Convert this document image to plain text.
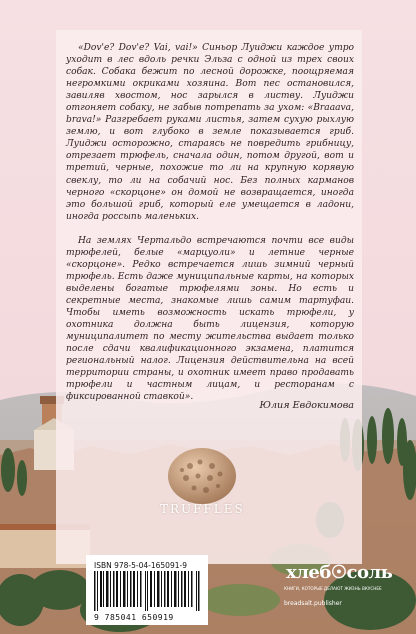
«Dov'e? Dov'e? Vai, vai!» Синьор Луиджи каждое утро уходит в лес вдоль речки Эльза с одной из трех своих собак. Собака бежит по лесной дорожке, поощряемая негромкими окриками хозяина. Вот пес остановился, завиляв хвостом, нос зарылся в листву. Луиджи отгоняет собаку, не забыв потрепать за ухом: «Braaava, brava!» Разгребает руками листья, затем сухую рыхлую землю, и вот глубоко в земле показывается гриб. Луиджи осторожно, стараясь не повредить грибницу, отрезает трюфель, сначала один, потом другой, вот и третий, черные, похожие то ли на крупную корявую свеклу, то ли на собачий нос. Без полных карманов черного «скорцоне» он домой не возвращается, иногда это большой гриб, который еле умещается в ладони, иногда россыпь маленьких.

На землях Чертальдо встречаются почти все виды трюфелей, белые «марцуоли» и летние черные «скорцоне». Редко встречается лишь зимний черный трюфель. Есть даже муниципальные карты, на которых выделены богатые трюфелями зоны. Но есть и секретные места, знакомые лишь самим тартуфаи. Чтобы иметь возможность искать трюфели, у охотника должна быть лицензия, которую муниципалитет по месту жительства выдает только после сдачи квалификационного экзамена, платится региональный налог. Лицензия действительна на всей территории страны, и охотник имеет право продавать трюфели и частным лицам, и ресторанам с фиксированной ставкой».

Юлия Евдокимова
TRUFFLES
ISBN 978-5-04-165091-9
9 785041 650919
хлеб☉соль
КНИГИ, КОТОРЫЕ ДЕЛАЮТ ЖИЗНЬ ВКУСНЕЕ
breadsalt.publisher
